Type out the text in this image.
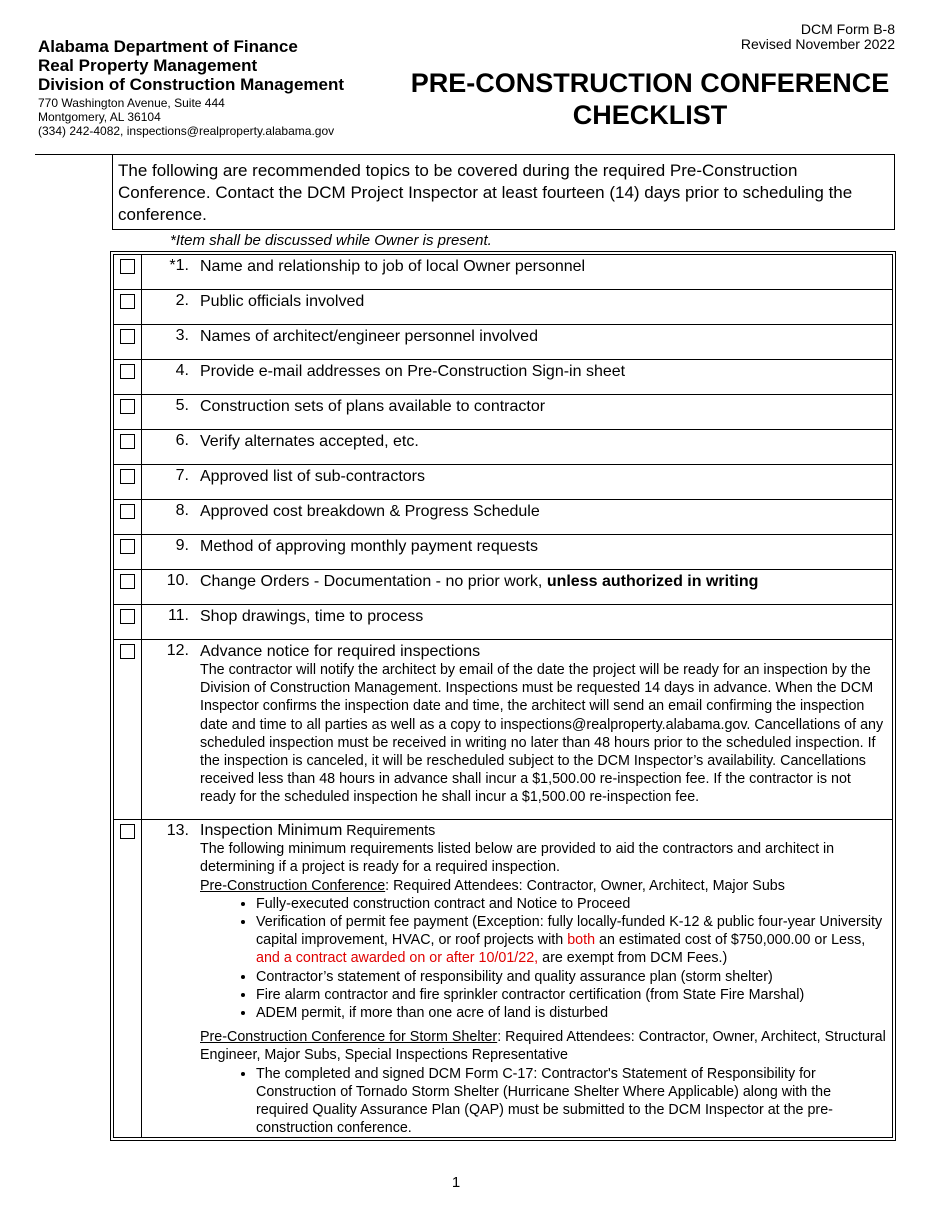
DCM Form B-8
Revised November 2022
Alabama Department of Finance
Real Property Management
Division of Construction Management
770 Washington Avenue, Suite 444
Montgomery, AL 36104
(334) 242-4082, inspections@realproperty.alabama.gov
PRE-CONSTRUCTION CONFERENCE
CHECKLIST
The following are recommended topics to be covered during the required Pre-Construction Conference. Contact the DCM Project Inspector at least fourteen (14) days prior to scheduling the conference.
*Item shall be discussed while Owner is present.
*1. Name and relationship to job of local Owner personnel
2. Public officials involved
3. Names of architect/engineer personnel involved
4. Provide e-mail addresses on Pre-Construction Sign-in sheet
5. Construction sets of plans available to contractor
6. Verify alternates accepted, etc.
7. Approved list of sub-contractors
8. Approved cost breakdown & Progress Schedule
9. Method of approving monthly payment requests
10. Change Orders - Documentation - no prior work, unless authorized in writing
11. Shop drawings, time to process
12. Advance notice for required inspections
The contractor will notify the architect by email of the date the project will be ready for an inspection by the Division of Construction Management. Inspections must be requested 14 days in advance. When the DCM Inspector confirms the inspection date and time, the architect will send an email confirming the inspection date and time to all parties as well as a copy to inspections@realproperty.alabama.gov. Cancellations of any scheduled inspection must be received in writing no later than 48 hours prior to the scheduled inspection. If the inspection is canceled, it will be rescheduled subject to the DCM Inspector’s availability. Cancellations received less than 48 hours in advance shall incur a $1,500.00 re-inspection fee. If the contractor is not ready for the scheduled inspection he shall incur a $1,500.00 re-inspection fee.
13. Inspection Minimum Requirements
The following minimum requirements listed below are provided to aid the contractors and architect in determining if a project is ready for a required inspection.
Pre-Construction Conference: Required Attendees: Contractor, Owner, Architect, Major Subs
• Fully-executed construction contract and Notice to Proceed
• Verification of permit fee payment (Exception: fully locally-funded K-12 & public four-year University capital improvement, HVAC, or roof projects with both an estimated cost of $750,000.00 or Less, and a contract awarded on or after 10/01/22, are exempt from DCM Fees.)
• Contractor’s statement of responsibility and quality assurance plan (storm shelter)
• Fire alarm contractor and fire sprinkler contractor certification (from State Fire Marshal)
• ADEM permit, if more than one acre of land is disturbed
Pre-Construction Conference for Storm Shelter: Required Attendees: Contractor, Owner, Architect, Structural Engineer, Major Subs, Special Inspections Representative
• The completed and signed DCM Form C-17: Contractor's Statement of Responsibility for Construction of Tornado Storm Shelter (Hurricane Shelter Where Applicable) along with the required Quality Assurance Plan (QAP) must be submitted to the DCM Inspector at the pre-construction conference.
1
